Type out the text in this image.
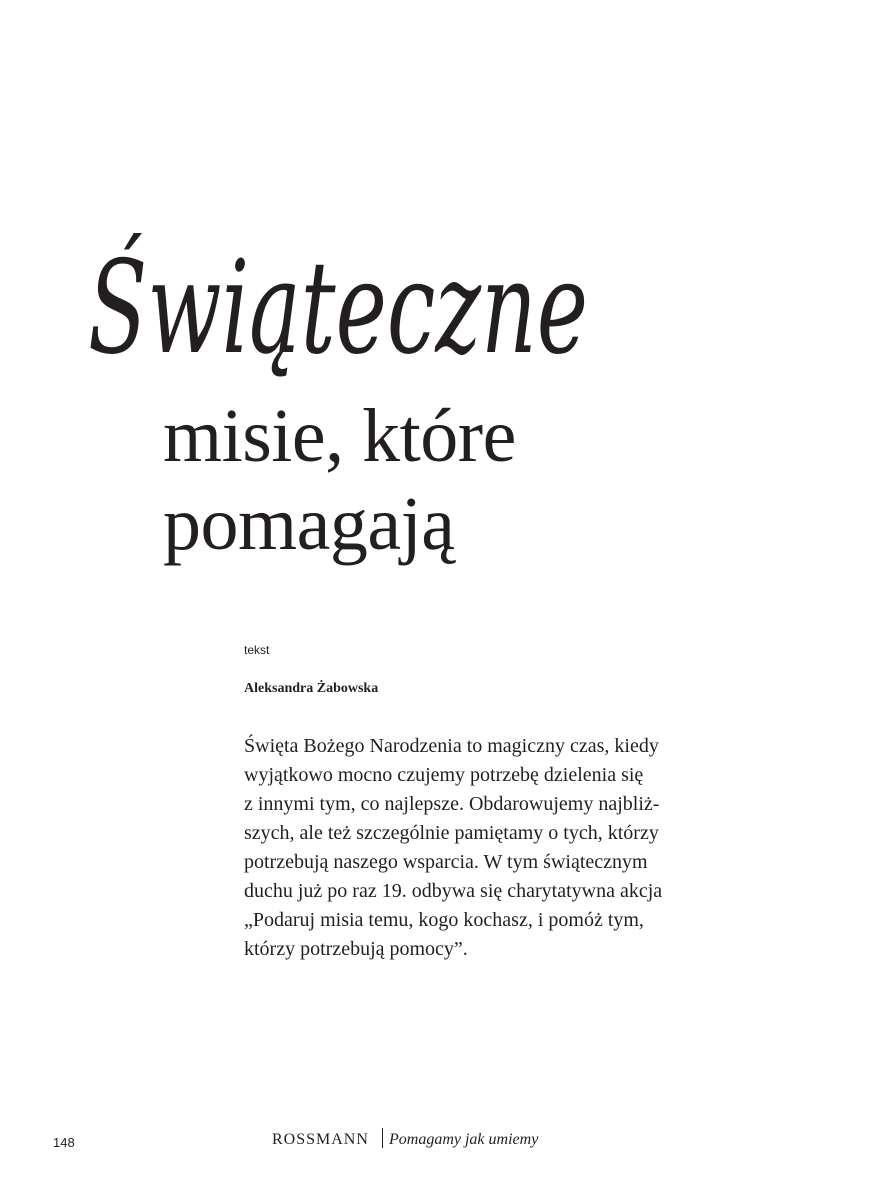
Świąteczne
misie, które
pomagają
tekst
Aleksandra Żabowska

Święta Bożego Narodzenia to magiczny czas, kiedy
wyjątkowo mocno czujemy potrzebę dzielenia się
z innymi tym, co najlepsze. Obdarowujemy najbliż-
szych, ale też szczególnie pamiętamy o tych, którzy
potrzebują naszego wsparcia. W tym świątecznym
duchu już po raz 19. odbywa się charytatywna akcja
„Podaruj misia temu, kogo kochasz, i pomóż tym,
którzy potrzebują pomocy”.

148	ROSSMANN Pomagamy jak umiemy
